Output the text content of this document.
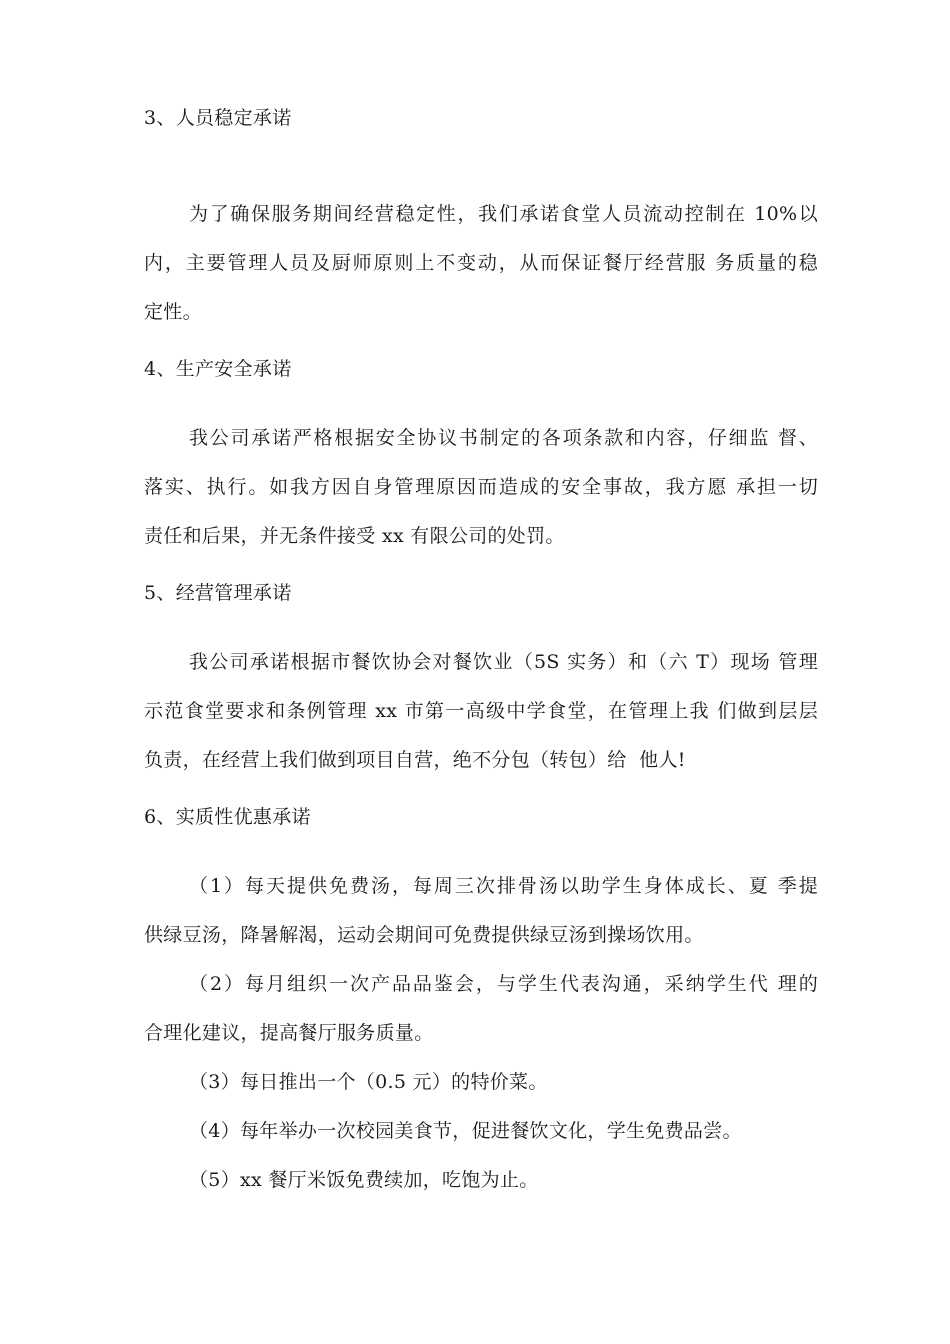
3、人员稳定承诺
为了确保服务期间经营稳定性，我们承诺食堂人员流动控制在 10%以
内，主要管理人员及厨师原则上不变动，从而保证餐厅经营服 务质量的稳
定性。
4、生产安全承诺
我公司承诺严格根据安全协议书制定的各项条款和内容，仔细监 督、
落实、执行。如我方因自身管理原因而造成的安全事故，我方愿 承担一切
责任和后果，并无条件接受 xx 有限公司的处罚。
5、经营管理承诺
我公司承诺根据市餐饮协会对餐饮业（5S 实务）和（六 T）现场 管理
示范食堂要求和条例管理 xx 市第一高级中学食堂，在管理上我 们做到层层
负责，在经营上我们做到项目自营，绝不分包（转包）给  他人!
6、实质性优惠承诺
（1）每天提供免费汤，每周三次排骨汤以助学生身体成长、夏 季提
供绿豆汤，降暑解渴，运动会期间可免费提供绿豆汤到操场饮用。
（2）每月组织一次产品品鉴会，与学生代表沟通，采纳学生代 理的
合理化建议，提高餐厅服务质量。
（3）每日推出一个（0.5 元）的特价菜。
（4）每年举办一次校园美食节，促进餐饮文化，学生免费品尝。
（5）xx 餐厅米饭免费续加，吃饱为止。
